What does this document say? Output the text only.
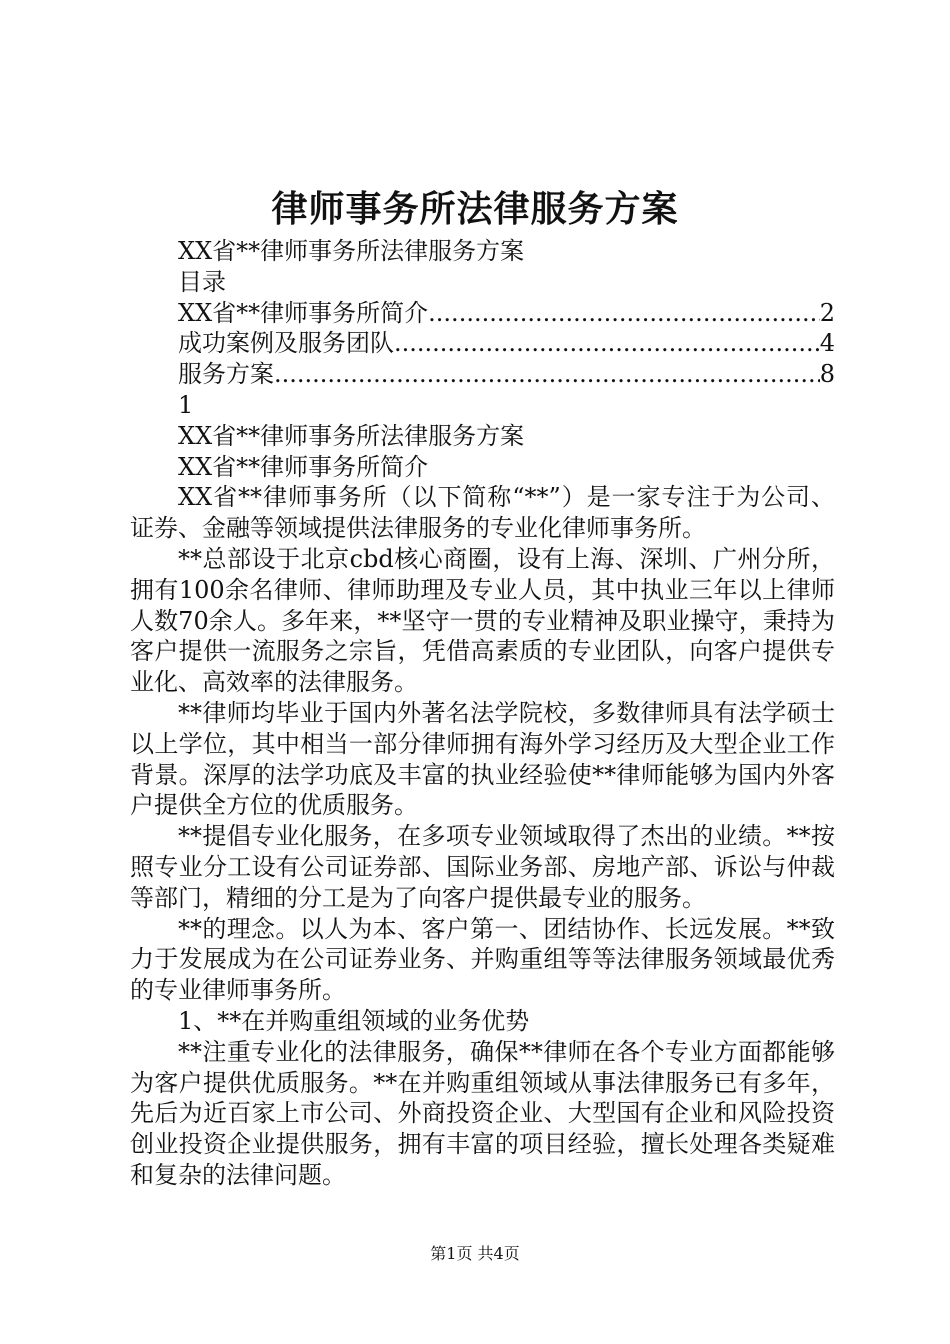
律师事务所法律服务方案

XX省**律师事务所法律服务方案

目录

XX省**律师事务所简介 .....	2
成功案例及服务团队 .....	4
服务方案 .....	8

1

XX省**律师事务所法律服务方案

XX省**律师事务所简介

XX省**律师事务所（以下简称“**”）是一家专注于为公司、证券、金融等领域提供法律服务的专业化律师事务所。

**总部设于北京cbd核心商圈，设有上海、深圳、广州分所，拥有100余名律师、律师助理及专业人员，其中执业三年以上律师人数70余人。多年来，**坚守一贯的专业精神及职业操守，秉持为客户提供一流服务之宗旨，凭借高素质的专业团队，向客户提供专业化、高效率的法律服务。

**律师均毕业于国内外著名法学院校，多数律师具有法学硕士以上学位，其中相当一部分律师拥有海外学习经历及大型企业工作背景。深厚的法学功底及丰富的执业经验使**律师能够为国内外客户提供全方位的优质服务。

**提倡专业化服务，在多项专业领域取得了杰出的业绩。**按照专业分工设有公司证券部、国际业务部、房地产部、诉讼与仲裁等部门，精细的分工是为了向客户提供最专业的服务。

**的理念。以人为本、客户第一、团结协作、长远发展。**致力于发展成为在公司证券业务、并购重组等等法律服务领域最优秀的专业律师事务所。

1、**在并购重组领域的业务优势

**注重专业化的法律服务，确保**律师在各个专业方面都能够为客户提供优质服务。**在并购重组领域从事法律服务已有多年，先后为近百家上市公司、外商投资企业、大型国有企业和风险投资创业投资企业提供服务，拥有丰富的项目经验，擅长处理各类疑难和复杂的法律问题。

第1页 共4页
